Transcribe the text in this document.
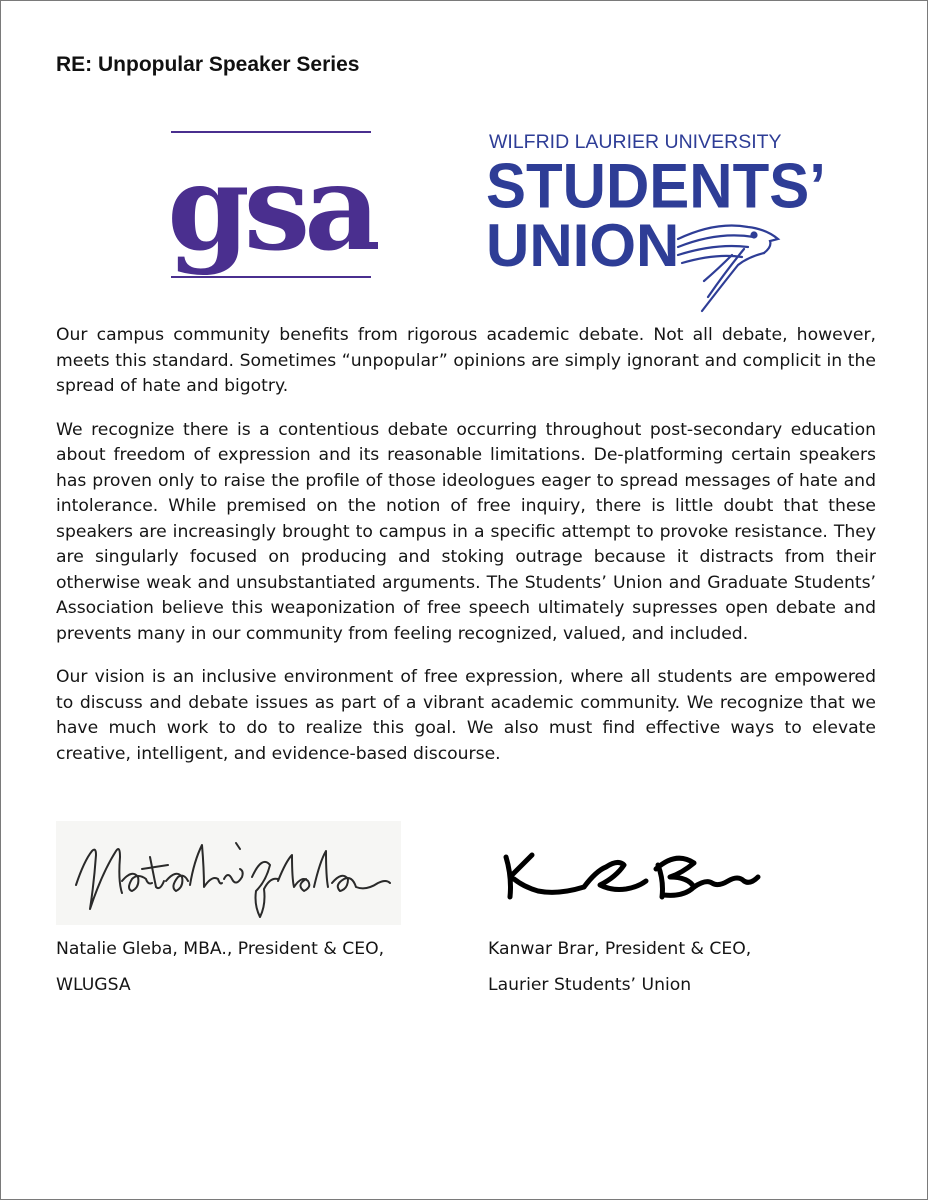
RE: Unpopular Speaker Series
gsa	WILFRID LAURIER UNIVERSITY
STUDENTS’
UNION

Our campus community benefits from rigorous academic debate. Not all debate, however, meets this standard. Sometimes “unpopular” opinions are simply ignorant and complicit in the spread of hate and bigotry.

We recognize there is a contentious debate occurring throughout post-secondary education about freedom of expression and its reasonable limitations. De-platforming certain speakers has proven only to raise the profile of those ideologues eager to spread messages of hate and intolerance. While premised on the notion of free inquiry, there is little doubt that these speakers are increasingly brought to campus in a specific attempt to provoke resistance. They are singularly focused on producing and stoking outrage because it distracts from their otherwise weak and unsubstantiated arguments. The Students’ Union and Graduate Students’ Association believe this weaponization of free speech ultimately supresses open debate and prevents many in our community from feeling recognized, valued, and included.

Our vision is an inclusive environment of free expression, where all students are empowered to discuss and debate issues as part of a vibrant academic community. We recognize that we have much work to do to realize this goal. We also must find effective ways to elevate creative, intelligent, and evidence-based discourse.

Natalie Gleba, MBA., President & CEO,
WLUGSA
Kanwar Brar, President & CEO,
Laurier Students’ Union
